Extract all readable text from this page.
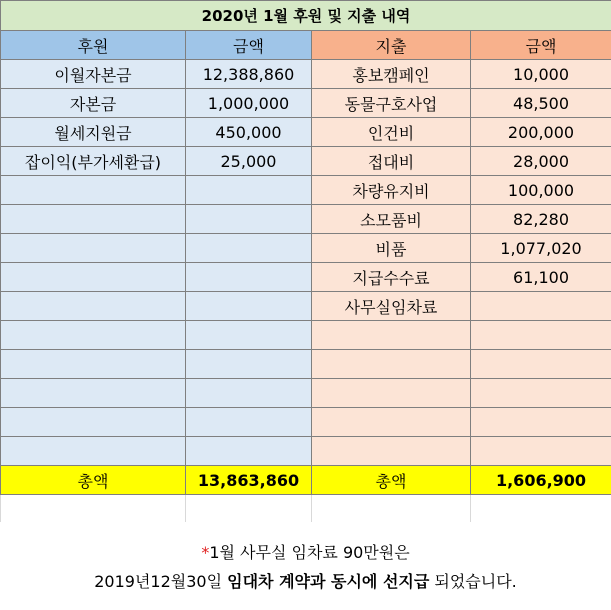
2020년 1월 후원 및 지출 내역			
후원	금액	지출	금액
이월자본금	12,388,860	홍보캠페인	10,000
자본금	1,000,000	동물구호사업	48,500
월세지원금	450,000	인건비	200,000
잡이익(부가세환급)	25,000	접대비	28,000
		차량유지비	100,000
		소모품비	82,280
		비품	1,077,020
		지급수수료	61,100
		사무실임차료	

총액	13,863,860	총액	1,606,900

*1월 사무실 임차료 90만원은
2019년12월30일 임대차 계약과 동시에 선지급 되었습니다.
